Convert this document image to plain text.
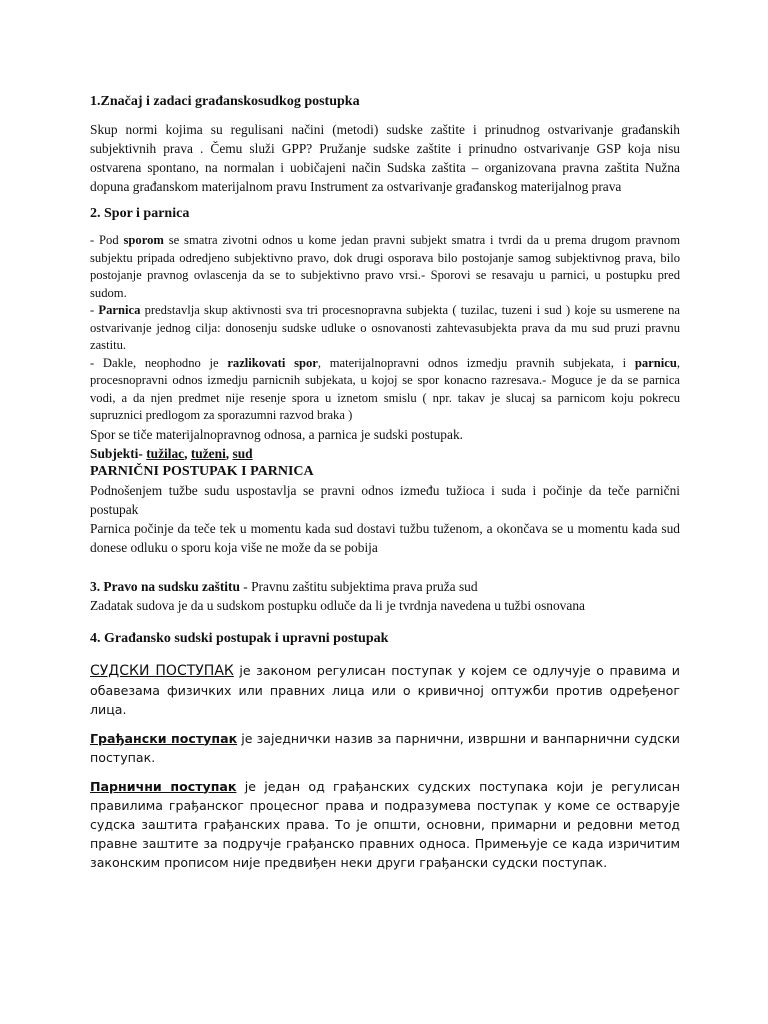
1.Značaj i zadaci građanskosudkog postupka

Skup normi kojima su regulisani načini (metodi) sudske zaštite i prinudnog ostvarivanje građanskih subjektivnih prava . Čemu služi GPP? Pružanje sudske zaštite i prinudno ostvarivanje GSP koja nisu ostvarena spontano, na normalan i uobičajeni način Sudska zaštita – organizovana pravna zaštita Nužna dopuna građanskom materijalnom pravu Instrument za ostvarivanje građanskog materijalnog prava

2. Spor i parnica

- Pod sporom se smatra zivotni odnos u kome jedan pravni subjekt smatra i tvrdi da u prema drugom pravnom subjektu pripada odredjeno subjektivno pravo, dok drugi osporava bilo postojanje samog subjektivnog prava, bilo postojanje pravnog ovlascenja da se to subjektivno pravo vrsi.- Sporovi se resavaju u parnici, u postupku pred sudom.

- Parnica predstavlja skup aktivnosti sva tri procesnopravna subjekta ( tuzilac, tuzeni i sud ) koje su usmerene na ostvarivanje jednog cilja: donosenju sudske udluke o osnovanosti zahtevasubjekta prava da mu sud pruzi pravnu zastitu.

- Dakle, neophodno je razlikovati spor, materijalnopravni odnos izmedju pravnih subjekata, i parnicu, procesnopravni odnos izmedju parnicnih subjekata, u kojoj se spor konacno razresava.- Moguce je da se parnica vodi, a da njen predmet nije resenje spora u iznetom smislu ( npr. takav je slucaj sa parnicom koju pokrecu supruznici predlogom za sporazumni razvod braka )

Spor se tiče materijalnopravnog odnosa, a parnica je sudski postupak.

Subjekti- tužilac, tuženi, sud

PARNIČNI POSTUPAK I PARNICA

Podnošenjem tužbe sudu uspostavlja se pravni odnos između tužioca i suda i počinje da teče parnični postupak

Parnica počinje da teče tek u momentu kada sud dostavi tužbu tuženom, a okončava se u momentu kada sud donese odluku o sporu koja više ne može da se pobija

3. Pravo na sudsku zaštitu - Pravnu zaštitu subjektima prava pruža sud

Zadatak sudova je da u sudskom postupku odluče da li je tvrdnja navedena u tužbi osnovana

4. Građansko sudski postupak i upravni postupak

СУДСКИ ПОСТУПАК је законом регулисан поступак у којем се одлучује о правима и обавезама физичких или правних лица или о кривичној оптужби против одређеног лица.

Грађански поступак је заједнички назив за парнични, извршни и ванпарнични судски поступак.

Парнични поступак је један од грађанских судских поступака који је регулисан правилима грађанског процесног права и подразумева поступак у коме се остварује судска заштита грађанских права. То је општи, основни, примарни и редовни метод правне заштите за подручје грађанско правних односа. Примењује се када изричитим законским прописом није предвиђен неки други грађански судски поступак.
